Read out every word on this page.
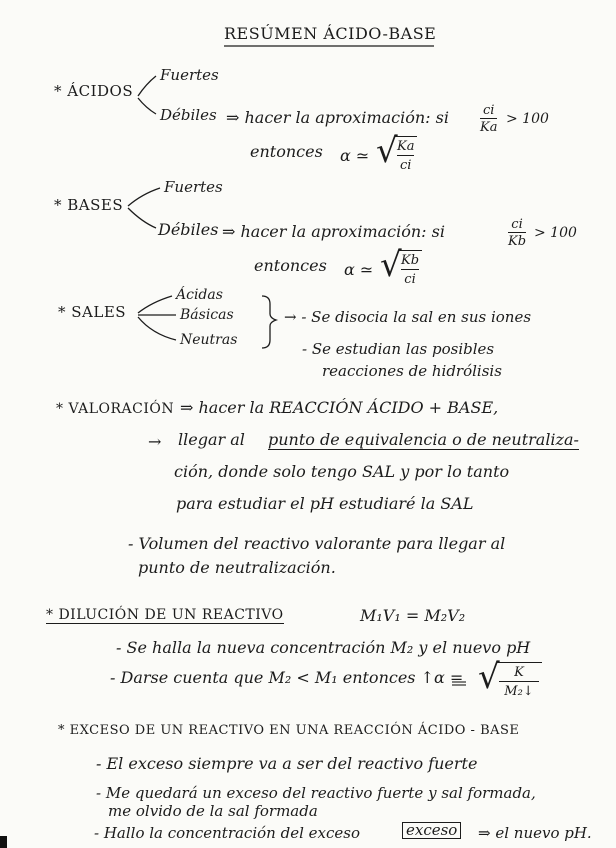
RESÚMEN ÁCIDO-BASE
* ÁCIDOS
Fuertes
Débiles ⇒ hacer la aproximación: si $\frac{ci}{Ka} > 100$
entonces α ≃ √
$\frac{Ka}{ci}$
* BASES
Fuertes
Débiles ⇒ hacer la aproximación: si	$\frac{ci}{Kb} > 100$
entonces α ≃ √
$\frac{Kb}{ci}$
* SALES
Ácidas
Básicas
Neutras
→ - Se disocia la sal en sus iones
- Se estudian las posibles
reacciones de hidrólisis
* VALORACIÓN ⇒ hacer la REACCIÓN ÁCIDO + BASE,
→ llegar al punto de equivalencia o de neutraliza-
ción, donde solo tengo SAL y por lo tanto
para estudiar el pH estudiaré la SAL
- Volumen del reactivo valorante para llegar al
punto de neutralización.
* DILUCIÓN DE UN REACTIVO	M₁V₁ = M₂V₂
- Se halla la nueva concentración M₂ y el nuevo pH
- Darse cuenta que M₂ < M₁ entonces ↑α = √
$\frac{K}{\text{M₂↓}}$
* EXCESO DE UN REACTIVO EN UNA REACCIÓN ÁCIDO - BASE
- El exceso siempre va a ser del reactivo fuerte
- Me quedará un exceso del reactivo fuerte y sal formada,
me olvido de la sal formada
- Hallo la concentración del exceso	exceso ⇒ el nuevo pH.
